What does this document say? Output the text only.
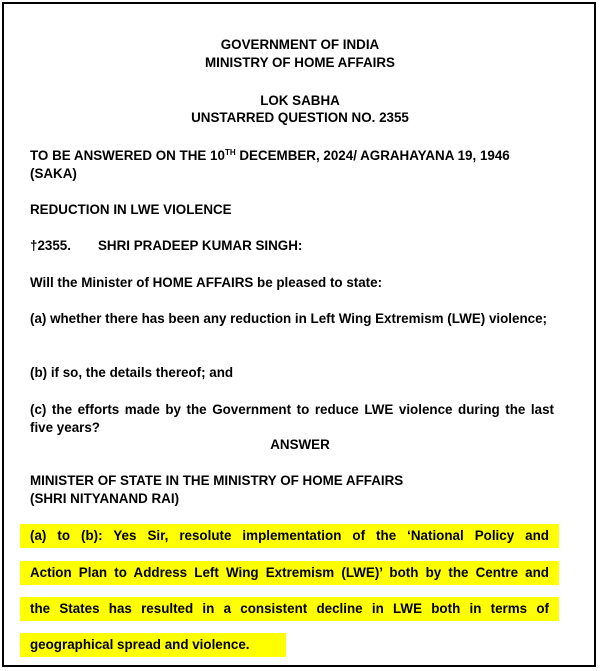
GOVERNMENT OF INDIA
MINISTRY OF HOME AFFAIRS
LOK SABHA
UNSTARRED QUESTION NO. 2355
TO BE ANSWERED ON THE 10TH DECEMBER, 2024/ AGRAHAYANA 19, 1946
(SAKA)
REDUCTION IN LWE VIOLENCE
†2355. SHRI PRADEEP KUMAR SINGH:
Will the Minister of HOME AFFAIRS be pleased to state:
(a) whether there has been any reduction in Left Wing Extremism (LWE) violence;
(b) if so, the details thereof; and
(c) the efforts made by the Government to reduce LWE violence during the last five years?
ANSWER
MINISTER OF STATE IN THE MINISTRY OF HOME AFFAIRS
(SHRI NITYANAND RAI)
(a) to (b): Yes Sir, resolute implementation of the ‘National Policy and
Action Plan to Address Left Wing Extremism (LWE)’ both by the Centre and
the States has resulted in a consistent decline in LWE both in terms of
geographical spread and violence.
